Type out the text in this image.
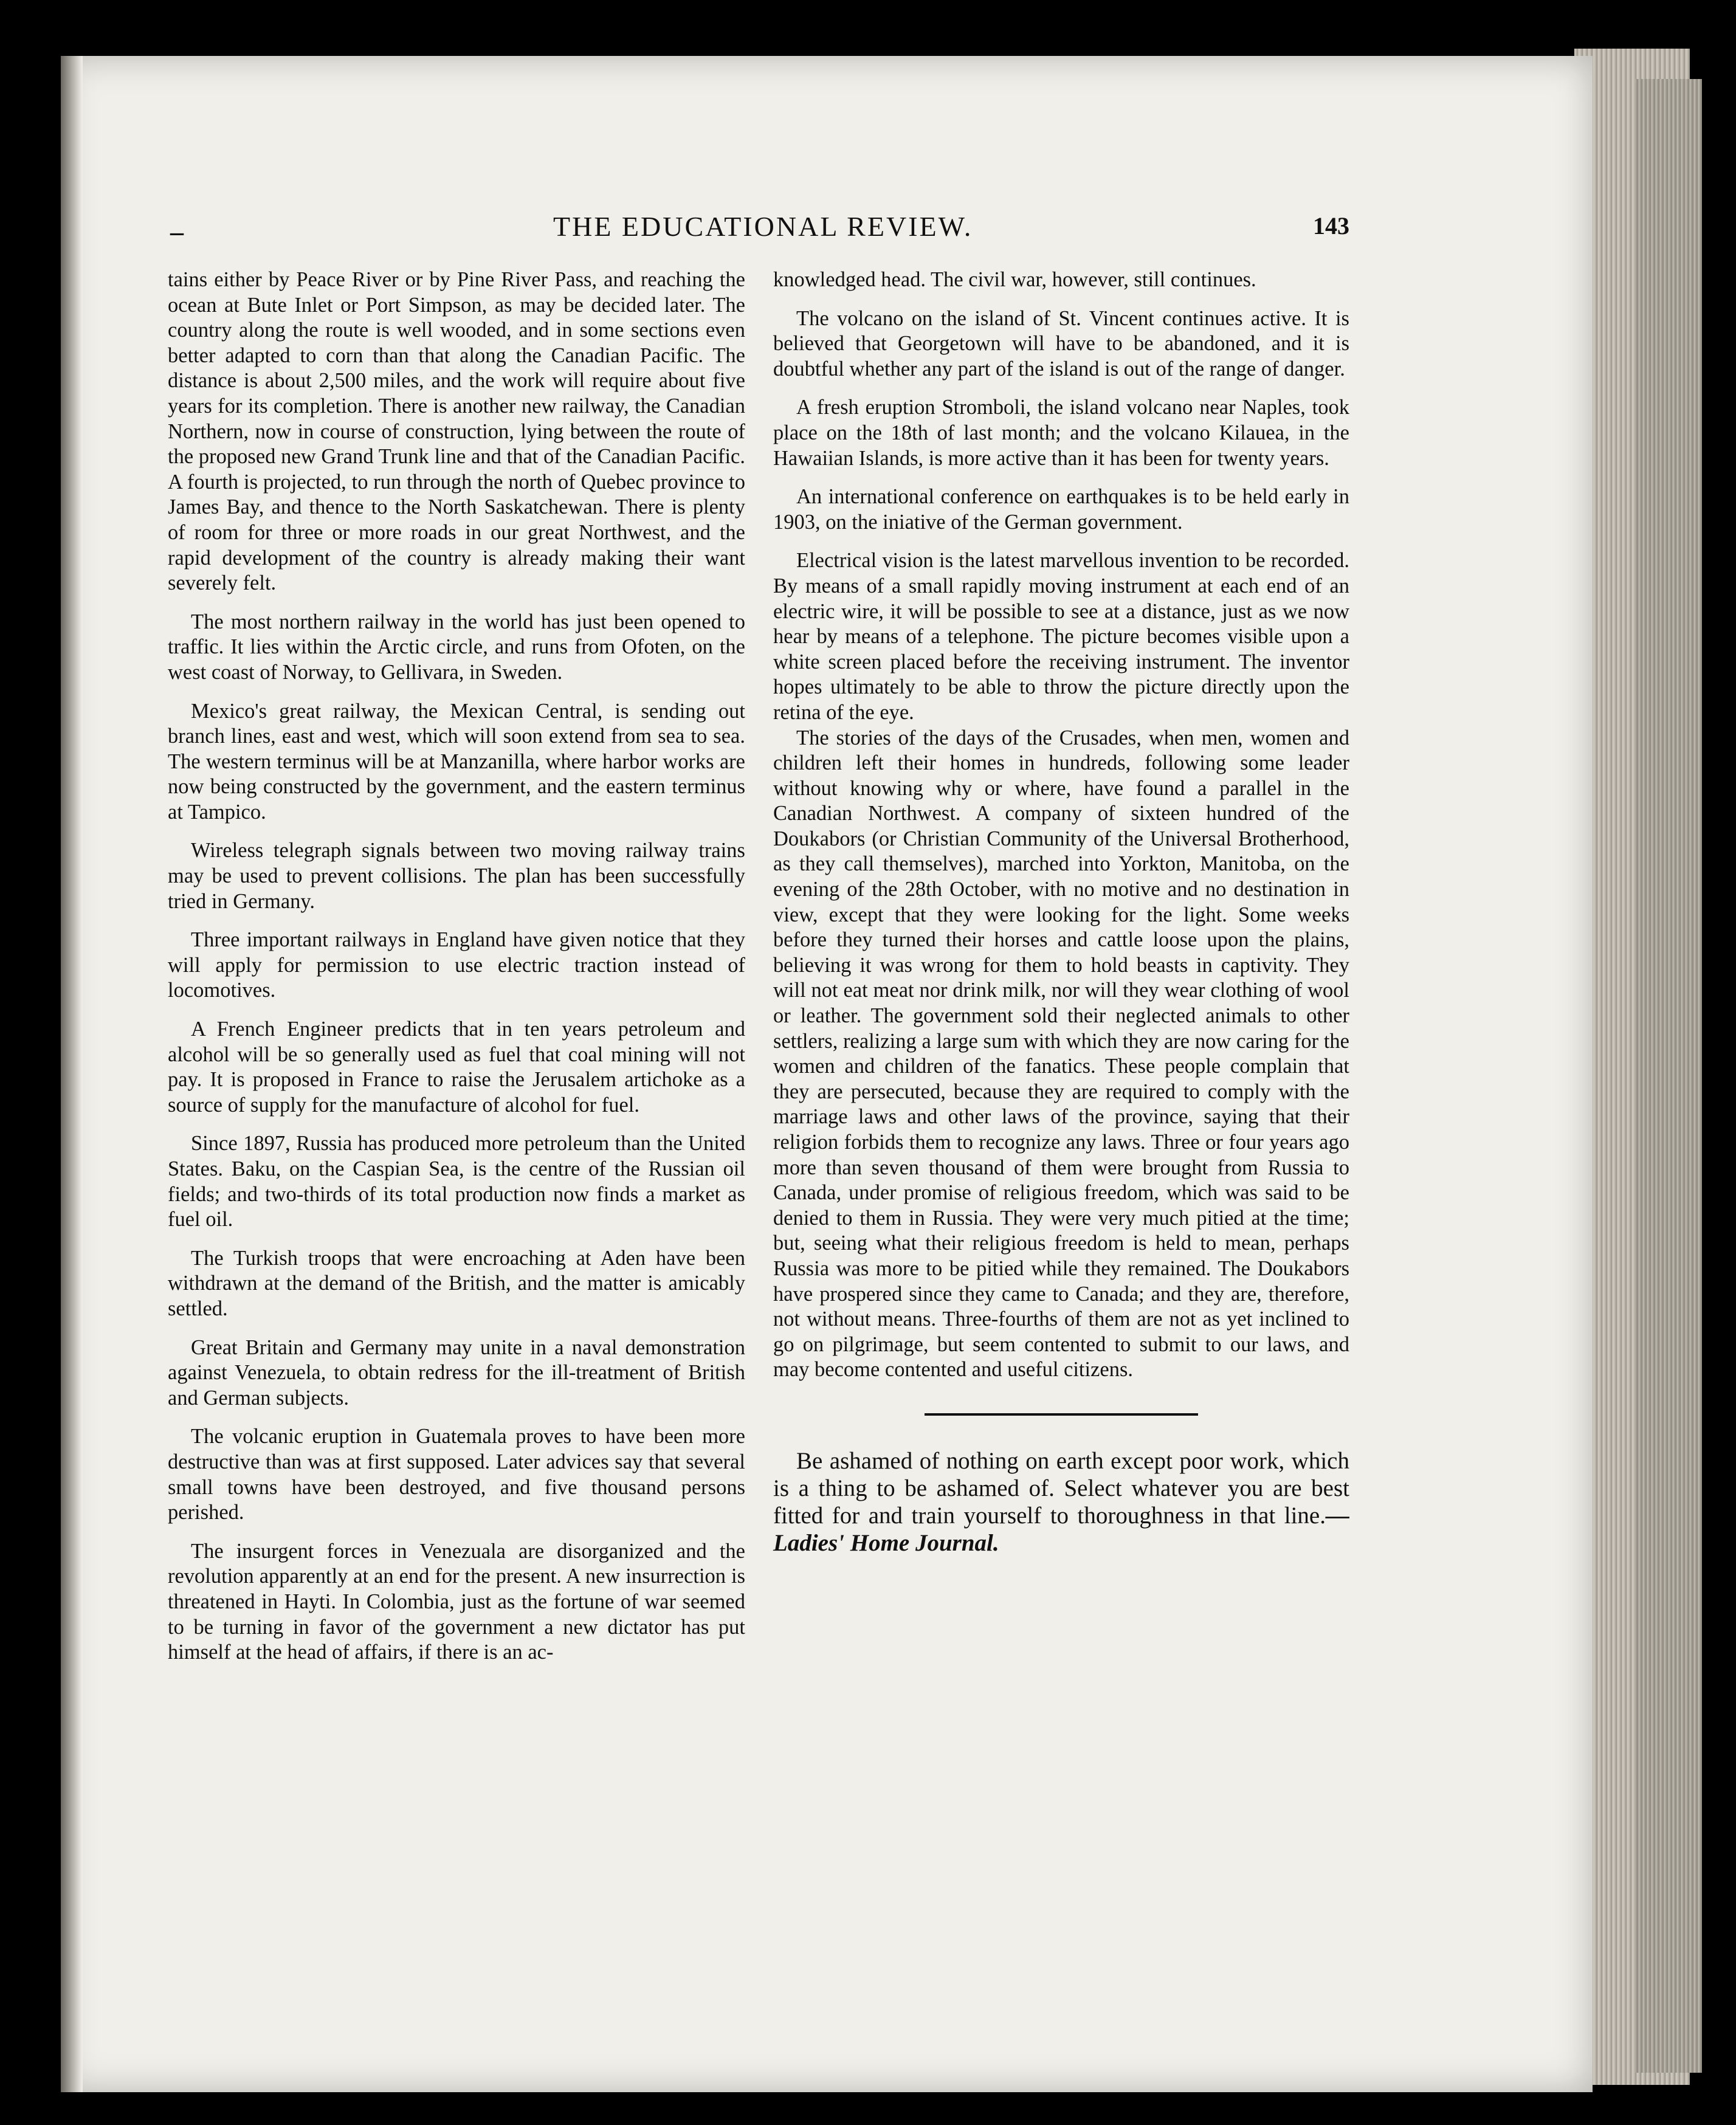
–	THE EDUCATIONAL REVIEW.	143

tains either by Peace River or by Pine River Pass, and reaching the ocean at Bute Inlet or Port Simpson, as may be decided later. The country along the route is well wooded, and in some sections even better adapted to corn than that along the Canadian Pacific. The distance is about 2,500 miles, and the work will require about five years for its completion. There is another new railway, the Canadian Northern, now in course of construction, lying between the route of the proposed new Grand Trunk line and that of the Canadian Pacific. A fourth is projected, to run through the north of Quebec province to James Bay, and thence to the North Saskatchewan. There is plenty of room for three or more roads in our great Northwest, and the rapid development of the country is already making their want severely felt.

The most northern railway in the world has just been opened to traffic. It lies within the Arctic circle, and runs from Ofoten, on the west coast of Norway, to Gellivara, in Sweden.

Mexico's great railway, the Mexican Central, is sending out branch lines, east and west, which will soon extend from sea to sea. The western terminus will be at Manzanilla, where harbor works are now being constructed by the government, and the eastern terminus at Tampico.

Wireless telegraph signals between two moving railway trains may be used to prevent collisions. The plan has been successfully tried in Germany.

Three important railways in England have given notice that they will apply for permission to use electric traction instead of locomotives.

A French Engineer predicts that in ten years petroleum and alcohol will be so generally used as fuel that coal mining will not pay. It is proposed in France to raise the Jerusalem artichoke as a source of supply for the manufacture of alcohol for fuel.

Since 1897, Russia has produced more petroleum than the United States. Baku, on the Caspian Sea, is the centre of the Russian oil fields; and two-thirds of its total production now finds a market as fuel oil.

The Turkish troops that were encroaching at Aden have been withdrawn at the demand of the British, and the matter is amicably settled.

Great Britain and Germany may unite in a naval demonstration against Venezuela, to obtain redress for the ill-treatment of British and German subjects.

The volcanic eruption in Guatemala proves to have been more destructive than was at first supposed. Later advices say that several small towns have been destroyed, and five thousand persons perished.

The insurgent forces in Venezuala are disorganized and the revolution apparently at an end for the present. A new insurrection is threatened in Hayti. In Colombia, just as the fortune of war seemed to be turning in favor of the government a new dictator has put himself at the head of affairs, if there is an ac-

knowledged head. The civil war, however, still continues.

The volcano on the island of St. Vincent continues active. It is believed that Georgetown will have to be abandoned, and it is doubtful whether any part of the island is out of the range of danger.

A fresh eruption Stromboli, the island volcano near Naples, took place on the 18th of last month; and the volcano Kilauea, in the Hawaiian Islands, is more active than it has been for twenty years.

An international conference on earthquakes is to be held early in 1903, on the iniative of the German government.

Electrical vision is the latest marvellous invention to be recorded. By means of a small rapidly moving instrument at each end of an electric wire, it will be possible to see at a distance, just as we now hear by means of a telephone. The picture becomes visible upon a white screen placed before the receiving instrument. The inventor hopes ultimately to be able to throw the picture directly upon the retina of the eye.

The stories of the days of the Crusades, when men, women and children left their homes in hundreds, following some leader without knowing why or where, have found a parallel in the Canadian Northwest. A company of sixteen hundred of the Doukabors (or Christian Community of the Universal Brotherhood, as they call themselves), marched into Yorkton, Manitoba, on the evening of the 28th October, with no motive and no destination in view, except that they were looking for the light. Some weeks before they turned their horses and cattle loose upon the plains, believing it was wrong for them to hold beasts in captivity. They will not eat meat nor drink milk, nor will they wear clothing of wool or leather. The government sold their neglected animals to other settlers, realizing a large sum with which they are now caring for the women and children of the fanatics. These people complain that they are persecuted, because they are required to comply with the marriage laws and other laws of the province, saying that their religion forbids them to recognize any laws. Three or four years ago more than seven thousand of them were brought from Russia to Canada, under promise of religious freedom, which was said to be denied to them in Russia. They were very much pitied at the time; but, seeing what their religious freedom is held to mean, perhaps Russia was more to be pitied while they remained. The Doukabors have prospered since they came to Canada; and they are, therefore, not without means. Three-fourths of them are not as yet inclined to go on pilgrimage, but seem contented to submit to our laws, and may become contented and useful citizens.

Be ashamed of nothing on earth except poor work, which is a thing to be ashamed of. Select whatever you are best fitted for and train yourself to thoroughness in that line.—Ladies' Home Journal.
